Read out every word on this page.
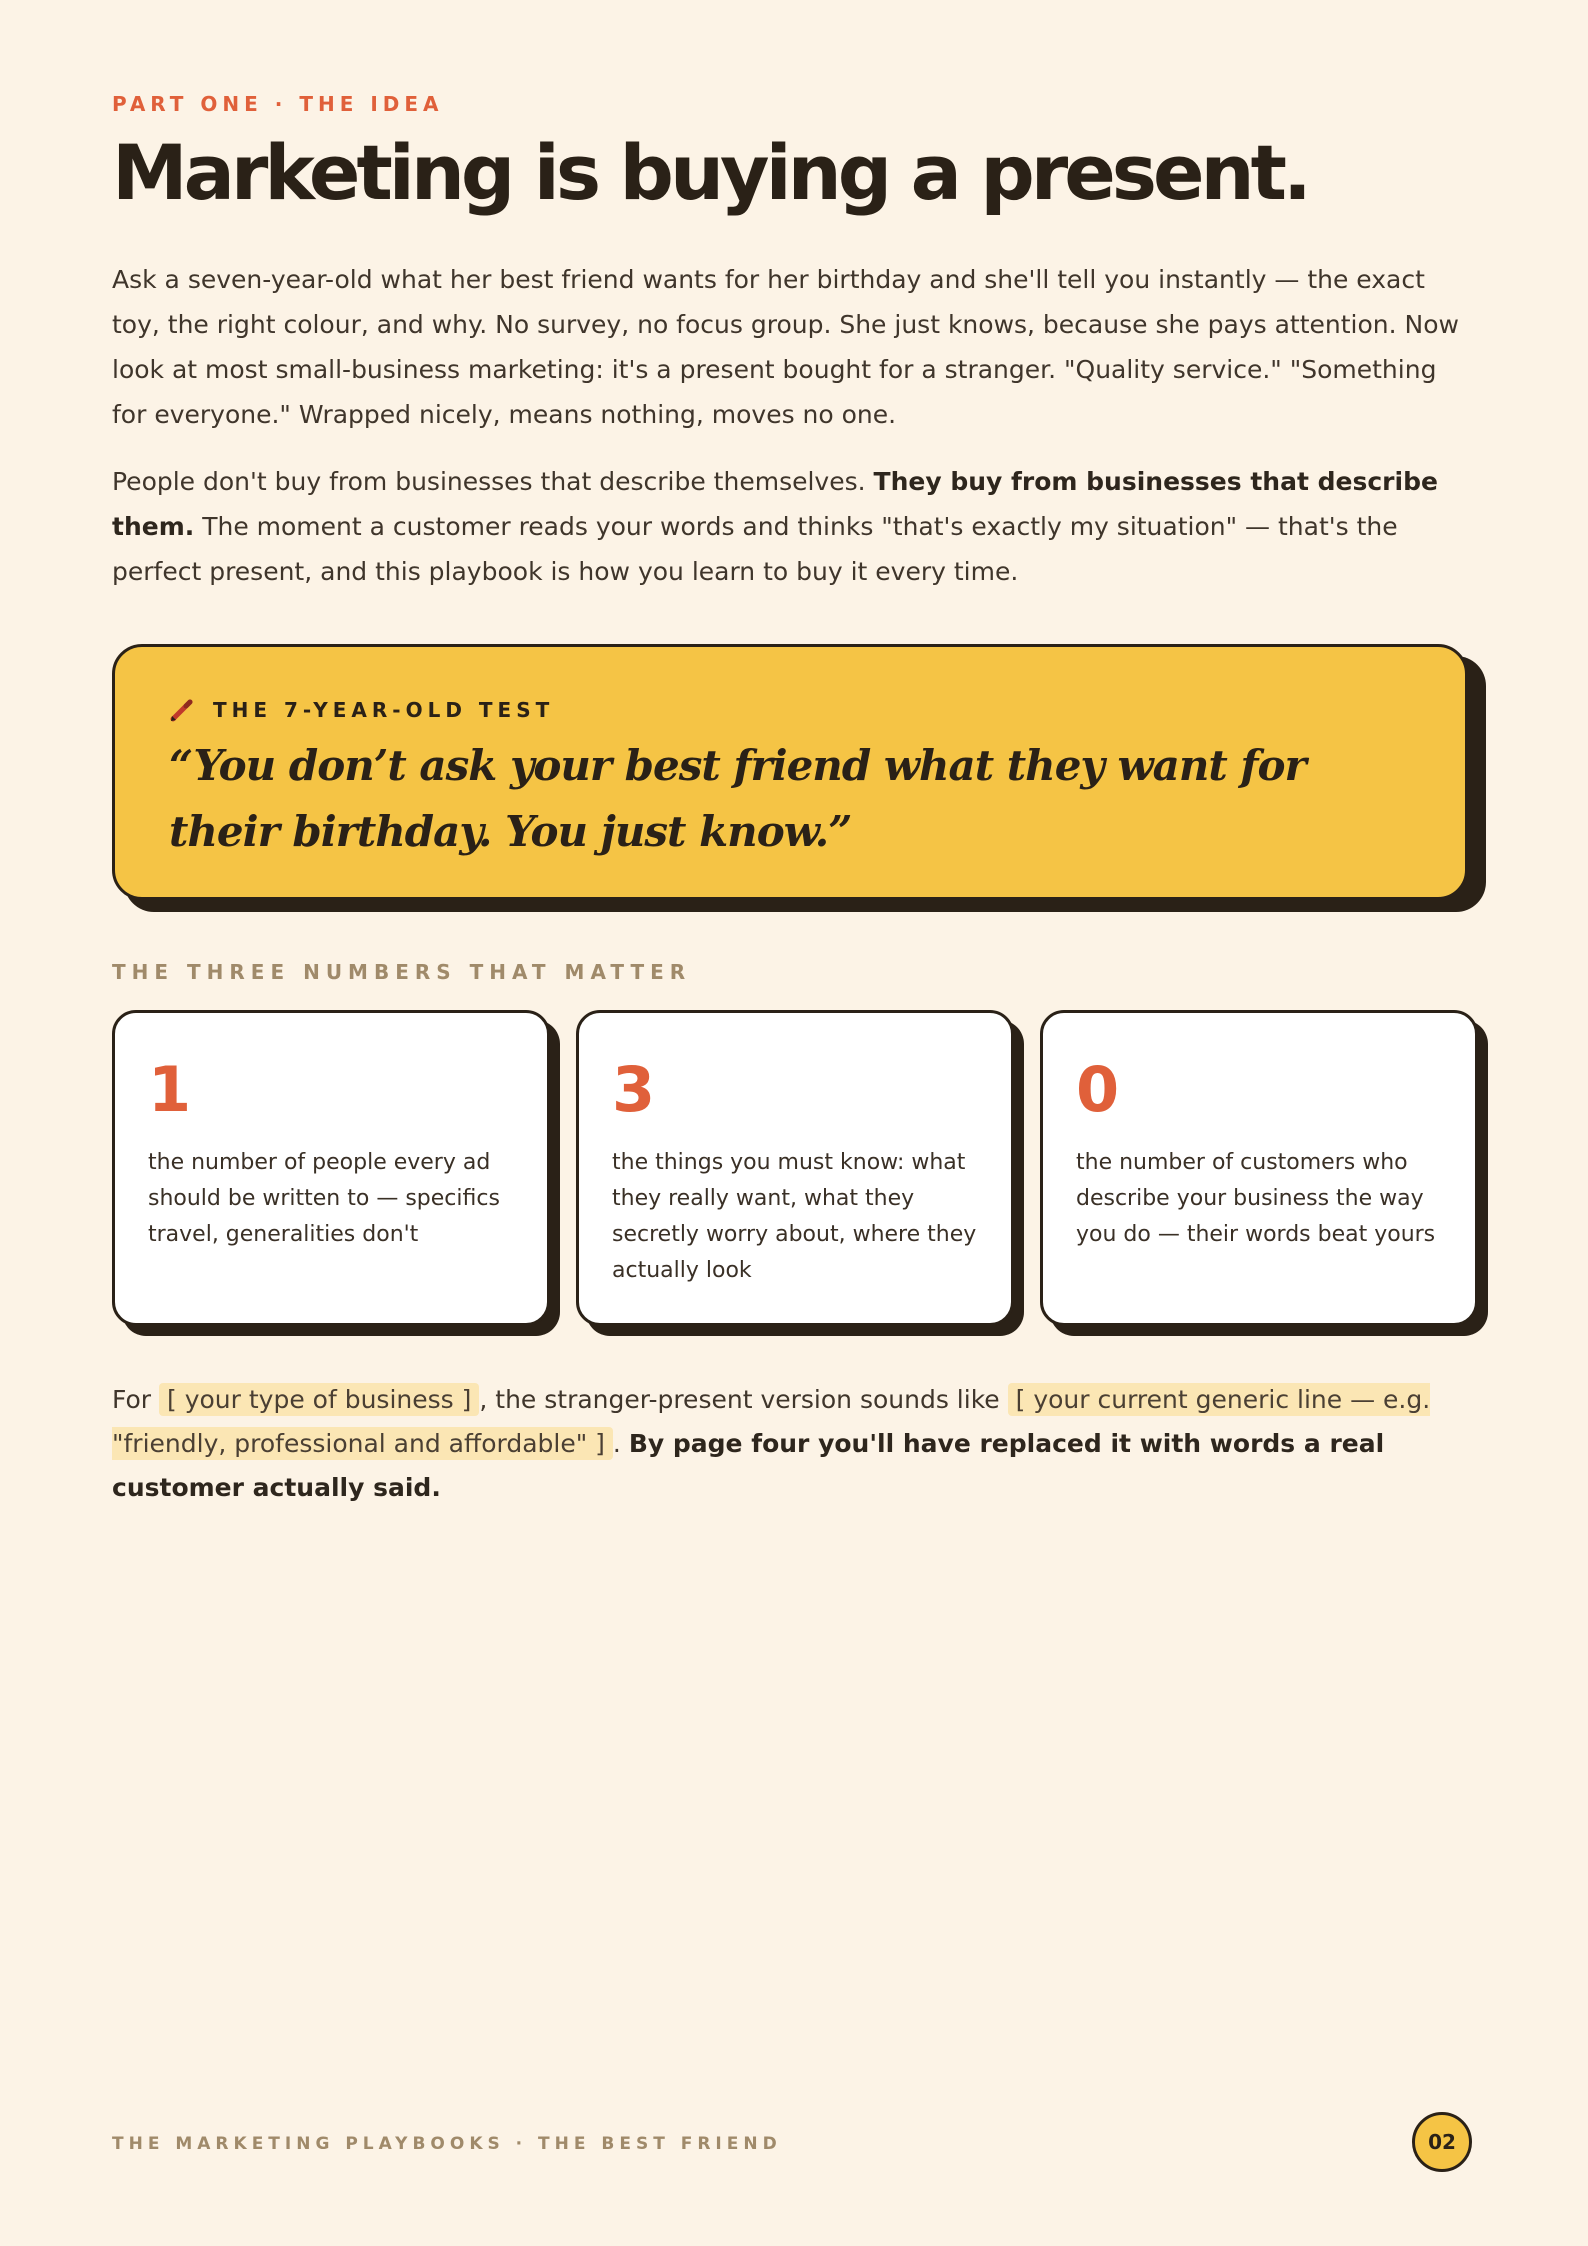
PART ONE · THE IDEA
Marketing is buying a present.

Ask a seven-year-old what her best friend wants for her birthday and she'll tell you instantly — the exact toy, the right colour, and why. No survey, no focus group. She just knows, because she pays attention. Now look at most small-business marketing: it's a present bought for a stranger. "Quality service." "Something for everyone." Wrapped nicely, means nothing, moves no one.

People don't buy from businesses that describe themselves. They buy from businesses that describe them. The moment a customer reads your words and thinks "that's exactly my situation" — that's the perfect present, and this playbook is how you learn to buy it every time.

THE 7-YEAR-OLD TEST
“You don’t ask your best friend what they want for their birthday. You just know.”
THE THREE NUMBERS THAT MATTER
1
the number of people every ad should be written to — specifics travel, generalities don't
3
the things you must know: what they really want, what they secretly worry about, where they actually look
0
the number of customers who describe your business the way you do — their words beat yours

For [ your type of business ] , the stranger-present version sounds like [ your current generic line — e.g. "friendly, professional and affordable" ] . By page four you'll have replaced it with words a real customer actually said.

THE MARKETING PLAYBOOKS · THE BEST FRIEND	02
